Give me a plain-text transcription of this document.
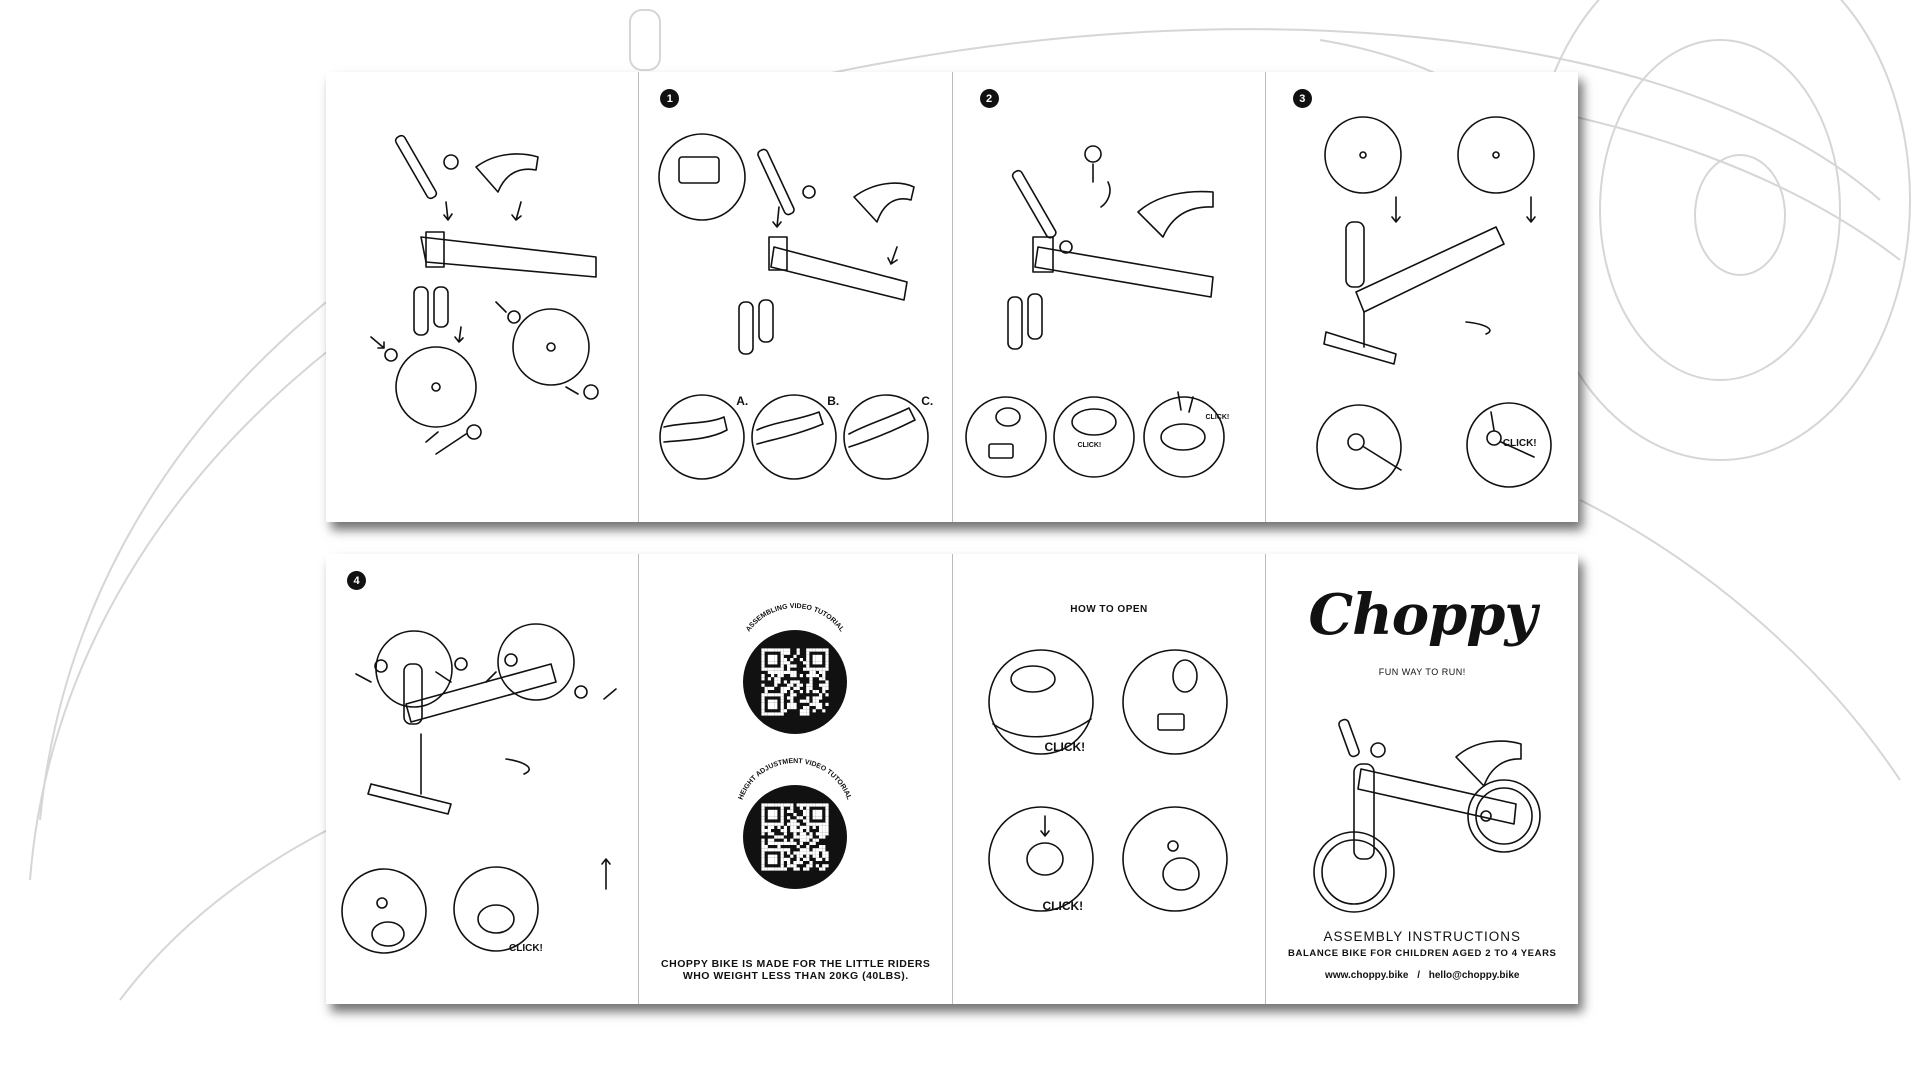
1
A.	B.	C.
2
CLICK!
CLICK!
3
CLICK!
4
CLICK!
ASSEMBLING VIDEO TUTORIAL
HEIGHT ADJUSTMENT VIDEO TUTORIAL
CHOPPY BIKE IS MADE FOR THE LITTLE RIDERS
WHO WEIGHT LESS THAN 20KG (40LBS).
HOW TO OPEN
CLICK!
CLICK!
Choppy
FUN WAY TO RUN!
ASSEMBLY INSTRUCTIONS
BALANCE BIKE FOR CHILDREN AGED 2 TO 4 YEARS
www.choppy.bike / hello@choppy.bike
